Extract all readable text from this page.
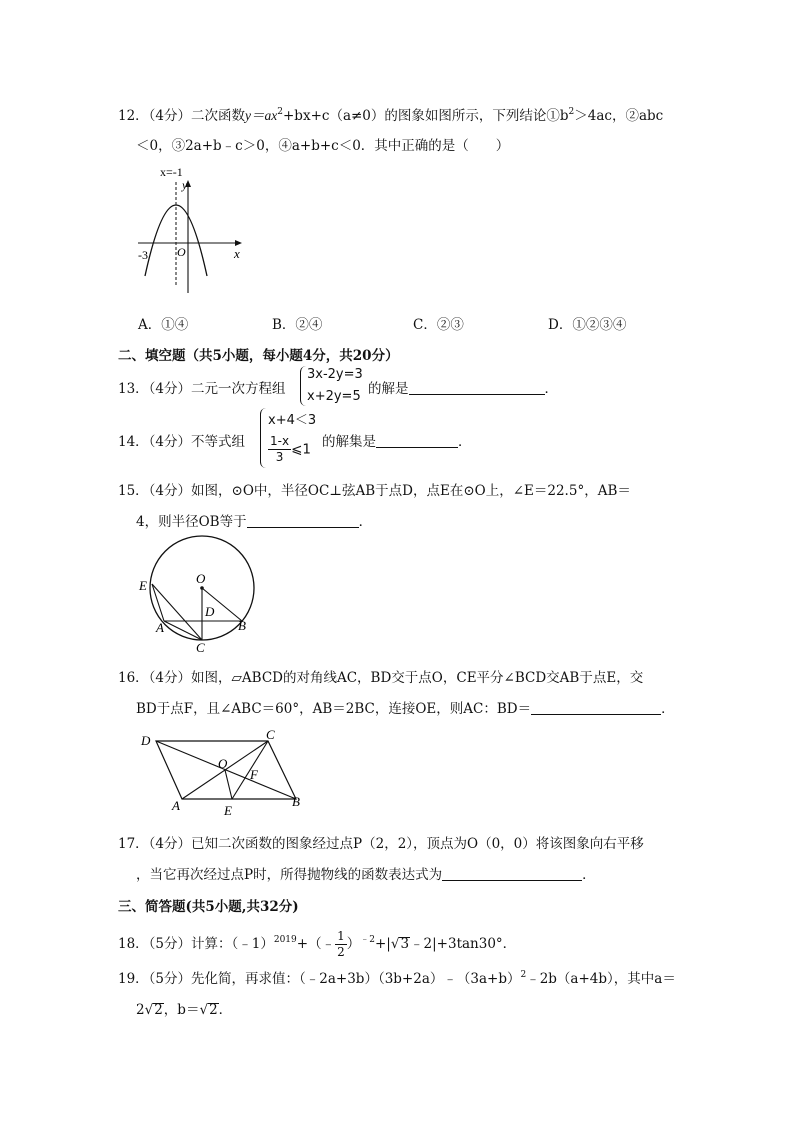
12．（4分）二次函数$y=ax^2+bx+c(a\ne 0)$的图象如图所示，下列结论$①b^2>4ac$，②abc
＜0，③2a+b﹣c＞0，④a+b+c＜0．其中正确的是（　　）
x=-1
y
x
O
-3
A．①④	B．②④	C．②③	D．①②③④
二、填空题（共5小题，每小题4分，共20分）
13．（4分）二元一次方程组
3x-2y=3
x+2y=5 的解是	．
14．（4分）不等式组
x+4＜3
$\frac{1-x}{3}$ ⩽1 的解集是	．
15．（4分）如图，⊙O中，半径OC⊥弦AB于点D，点E在⊙O上，∠E＝22.5°，AB＝
4，则半径OB等于	．
E	O
D
A	B
C
16．（4分）如图，▱ABCD的对角线AC，BD交于点O，CE平分∠BCD交AB于点E，交
BD于点F，且∠ABC＝60°，AB＝2BC，连接OE，则AC：BD＝	．
D	C
O
F
A	E
B
17．（4分）已知二次函数的图象经过点P（2，2），顶点为O（0，0）将该图象向右平移
，当它再次经过点P时，所得抛物线的函数表达式为	．
三、简答题(共5小题,共32分)
18．（5分）计算：（﹣1）$^{2019}$+（﹣ $\frac{1}{2}$ ）$^{﹣2}$+|√3﹣2|+3tan30°．
19．（5分）先化简，再求值：$(﹣2a+3b)(3b+2a)﹣(3a+b)^2﹣2b(a+4b)$，其中a＝
2√2，b＝√2．
